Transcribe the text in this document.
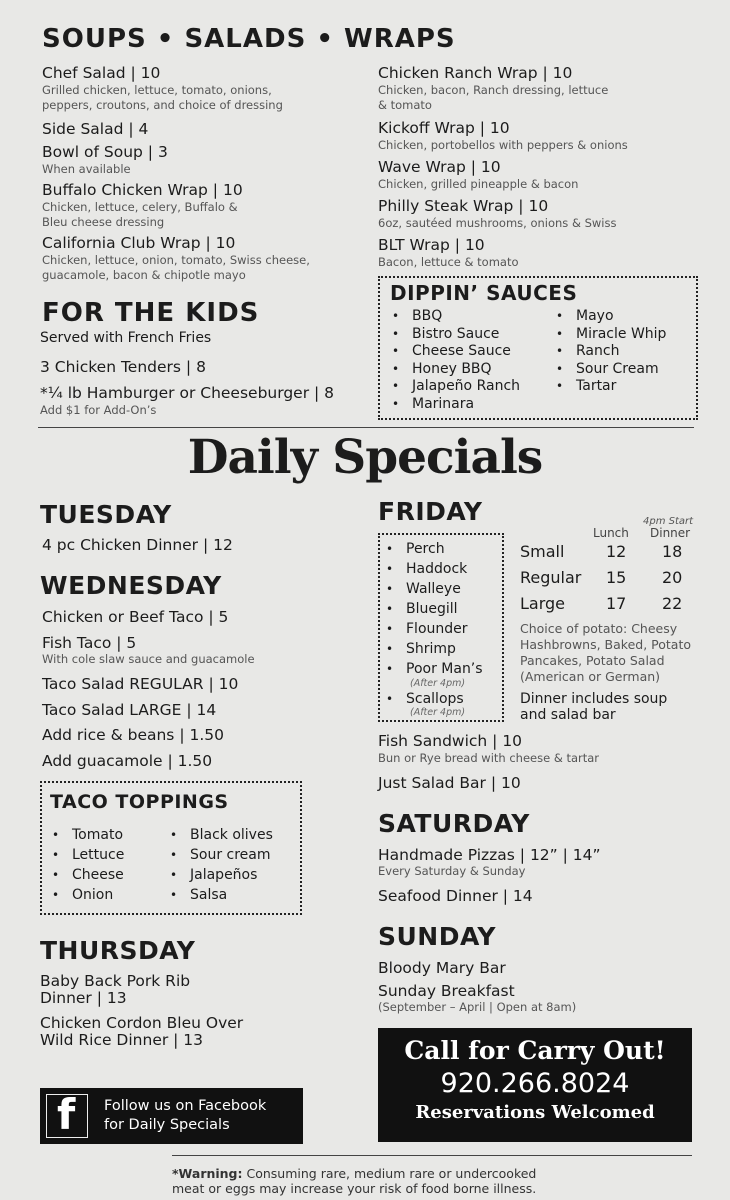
SOUPS • SALADS • WRAPS
Chef Salad | 10
Grilled chicken, lettuce, tomato, onions,
peppers, croutons, and choice of dressing
Side Salad | 4
Bowl of Soup | 3
When available
Buffalo Chicken Wrap | 10
Chicken, lettuce, celery, Buffalo &
Bleu cheese dressing
California Club Wrap | 10
Chicken, lettuce, onion, tomato, Swiss cheese,
guacamole, bacon & chipotle mayo
Chicken Ranch Wrap | 10
Chicken, bacon, Ranch dressing, lettuce
& tomato
Kickoff Wrap | 10
Chicken, portobellos with peppers & onions
Wave Wrap | 10
Chicken, grilled pineapple & bacon
Philly Steak Wrap | 10
6oz, sautéed mushrooms, onions & Swiss
BLT Wrap | 10
Bacon, lettuce & tomato
FOR THE KIDS
Served with French Fries
3 Chicken Tenders | 8
*¼ lb Hamburger or Cheeseburger | 8
Add $1 for Add-On’s
DIPPIN’ SAUCES
• BBQ
• Bistro Sauce
• Cheese Sauce
• Honey BBQ
• Jalapeño Ranch
• Marinara
• Mayo
• Miracle Whip
• Ranch
• Sour Cream
• Tartar
Daily Specials
TUESDAY
4 pc Chicken Dinner | 12
WEDNESDAY
Chicken or Beef Taco | 5
Fish Taco | 5
With cole slaw sauce and guacamole
Taco Salad REGULAR | 10
Taco Salad LARGE | 14
Add rice & beans | 1.50
Add guacamole | 1.50
TACO TOPPINGS
• Tomato
• Lettuce
• Cheese
• Onion
• Black olives
• Sour cream
• Jalapeños
• Salsa
THURSDAY
Baby Back Pork Rib
Dinner | 13
Chicken Cordon Bleu Over
Wild Rice Dinner | 13
f Follow us on Facebook
for Daily Specials
FRIDAY
• Perch
• Haddock
• Walleye
• Bluegill
• Flounder
• Shrimp
• Poor Man’s
(After 4pm)
• Scallops
(After 4pm)
4pm Start
Lunch Dinner
Small	12 18
Regular 15 20
Large	17 22
Choice of potato: Cheesy
Hashbrowns, Baked, Potato
Pancakes, Potato Salad
(American or German)
Dinner includes soup
and salad bar
Fish Sandwich | 10
Bun or Rye bread with cheese & tartar
Just Salad Bar | 10
SATURDAY
Handmade Pizzas | 12” | 14”
Every Saturday & Sunday
Seafood Dinner | 14
SUNDAY
Bloody Mary Bar
Sunday Breakfast
(September – April | Open at 8am)
Call for Carry Out!
920.266.8024
Reservations Welcomed
*Warning: Consuming rare, medium rare or undercooked
meat or eggs may increase your risk of food borne illness.
